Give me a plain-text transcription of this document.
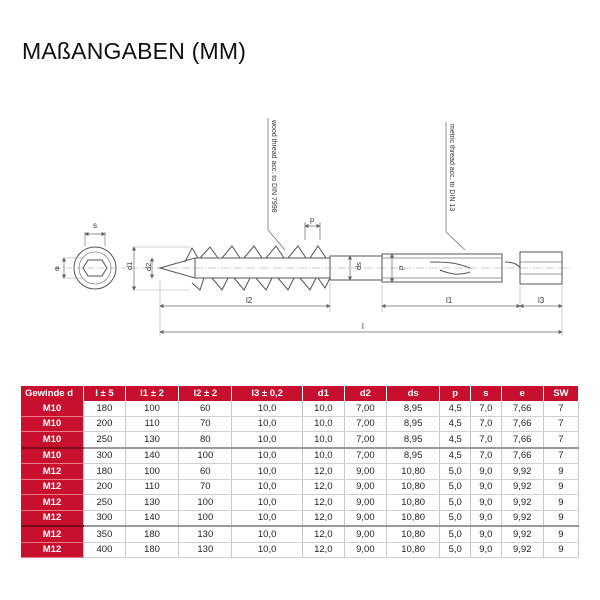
MAßANGABEN (MM)
s
e	d1 d2	ds	p
p
wood thread acc. to DIN 7998	metric thread acc. to DIN 13
l2	l1	l3
l
Gewinde d	l ± 5	l1 ± 2	l2 ± 2	l3 ± 0,2	d1	d2	ds	p	s	e	SW
M10	180	100	60	10,0	10,0	7,00	8,95	4,5	7,0	7,66	7
M10	200	110	70	10,0	10,0	7,00	8,95	4,5	7,0	7,66	7
M10	250	130	80	10,0	10,0	7,00	8,95	4,5	7,0	7,66	7
M10	300	140	100	10,0	10,0	7,00	8,95	4,5	7,0	7,66	7
M12	180	100	60	10,0	12,0	9,00	10,80	5,0	9,0	9,92	9
M12	200	110	70	10,0	12,0	9,00	10,80	5,0	9,0	9,92	9
M12	250	130	100	10,0	12,0	9,00	10,80	5,0	9,0	9,92	9
M12	300	140	100	10,0	12,0	9,00	10,80	5,0	9,0	9,92	9
M12	350	180	130	10,0	12,0	9,00	10,80	5,0	9,0	9,92	9
M12	400	180	130	10,0	12,0	9,00	10,80	5,0	9,0	9,92	9
